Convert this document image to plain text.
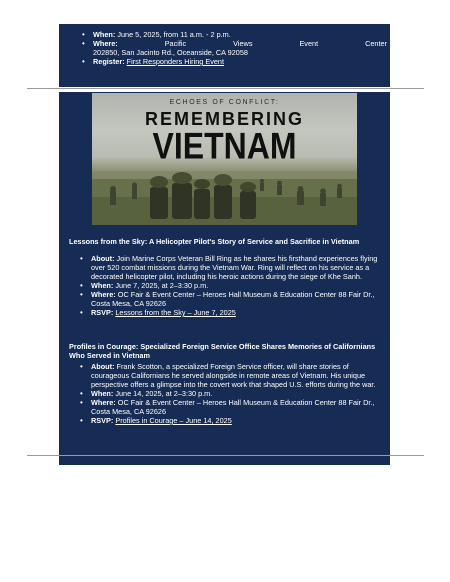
• When: June 5, 2025, from 11 a.m. - 2 p.m.
• Where:	Pacific	Views	Event	Center
202850, San Jacinto Rd., Oceanside, CA 92058
• Register: First Responders Hiring Event
ECHOES OF CONFLICT:
REMEMBERING
VIETNAM
Lessons from the Sky: A Helicopter Pilot's Story of Service and Sacrifice in Vietnam
• About: Join Marine Corps Veteran Bill Ring as he shares his firsthand experiences flying over 520 combat missions during the Vietnam War. Ring will reflect on his service as a decorated helicopter pilot, including his heroic actions during the siege of Khe Sanh.
• When: June 7, 2025, at 2–3:30 p.m.
• Where: OC Fair & Event Center – Heroes Hall Museum & Education Center 88 Fair Dr., Costa Mesa, CA 92626
• RSVP: Lessons from the Sky – June 7, 2025
Profiles in Courage: Specialized Foreign Service Office Shares Memories of Californians Who Served in Vietnam
• About: Frank Scotton, a specialized Foreign Service officer, will share stories of courageous Californians he served alongside in remote areas of Vietnam. His unique perspective offers a glimpse into the covert work that shaped U.S. efforts during the war.
• When: June 14, 2025, at 2–3:30 p.m.
• Where: OC Fair & Event Center – Heroes Hall Museum & Education Center 88 Fair Dr., Costa Mesa, CA 92626
• RSVP: Profiles in Courage – June 14, 2025
